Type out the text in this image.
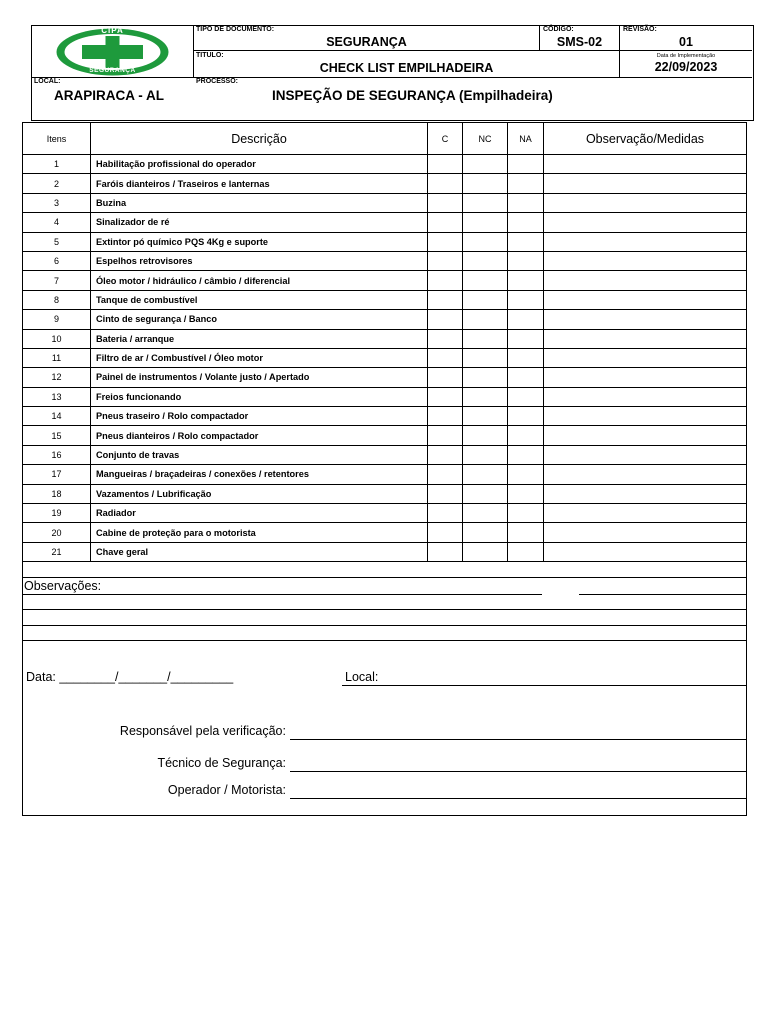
CIPA
SEGURANÇA
TIPO DE DOCUMENTO:
SEGURANÇA
CÓDIGO:
SMS-02
REVISÃO:
01
TITULO:
CHECK LIST EMPILHADEIRA
Data de Implementação
22/09/2023
LOCAL:
ARAPIRACA - AL
PROCESSO:
INSPEÇÃO DE SEGURANÇA (Empilhadeira)
Itens	Descrição	C	NC	NA	Observação/Medidas
1	Habilitação profissional do operador				
2	Faróis dianteiros / Traseiros e lanternas				
3	Buzina				
4	Sinalizador de ré				
5	Extintor pó químico PQS 4Kg e suporte				
6	Espelhos retrovisores				
7	Óleo motor / hidráulico / câmbio / diferencial				
8	Tanque de combustível				
9	Cinto de segurança / Banco				
10	Bateria / arranque				
11	Filtro de ar / Combustível / Óleo motor				
12	Painel de instrumentos / Volante justo / Apertado				
13	Freios funcionando				
14	Pneus traseiro / Rolo compactador				
15	Pneus dianteiros / Rolo compactador				
16	Conjunto de travas				
17	Mangueiras / braçadeiras / conexões / retentores				
18	Vazamentos / Lubrificação				
19	Radiador				
20	Cabine de proteção para o motorista				
21	Chave geral				
Observações:
Data: ________/_______/_________	Local:
Responsável pela verificação:
Técnico de Segurança:
Operador / Motorista:
